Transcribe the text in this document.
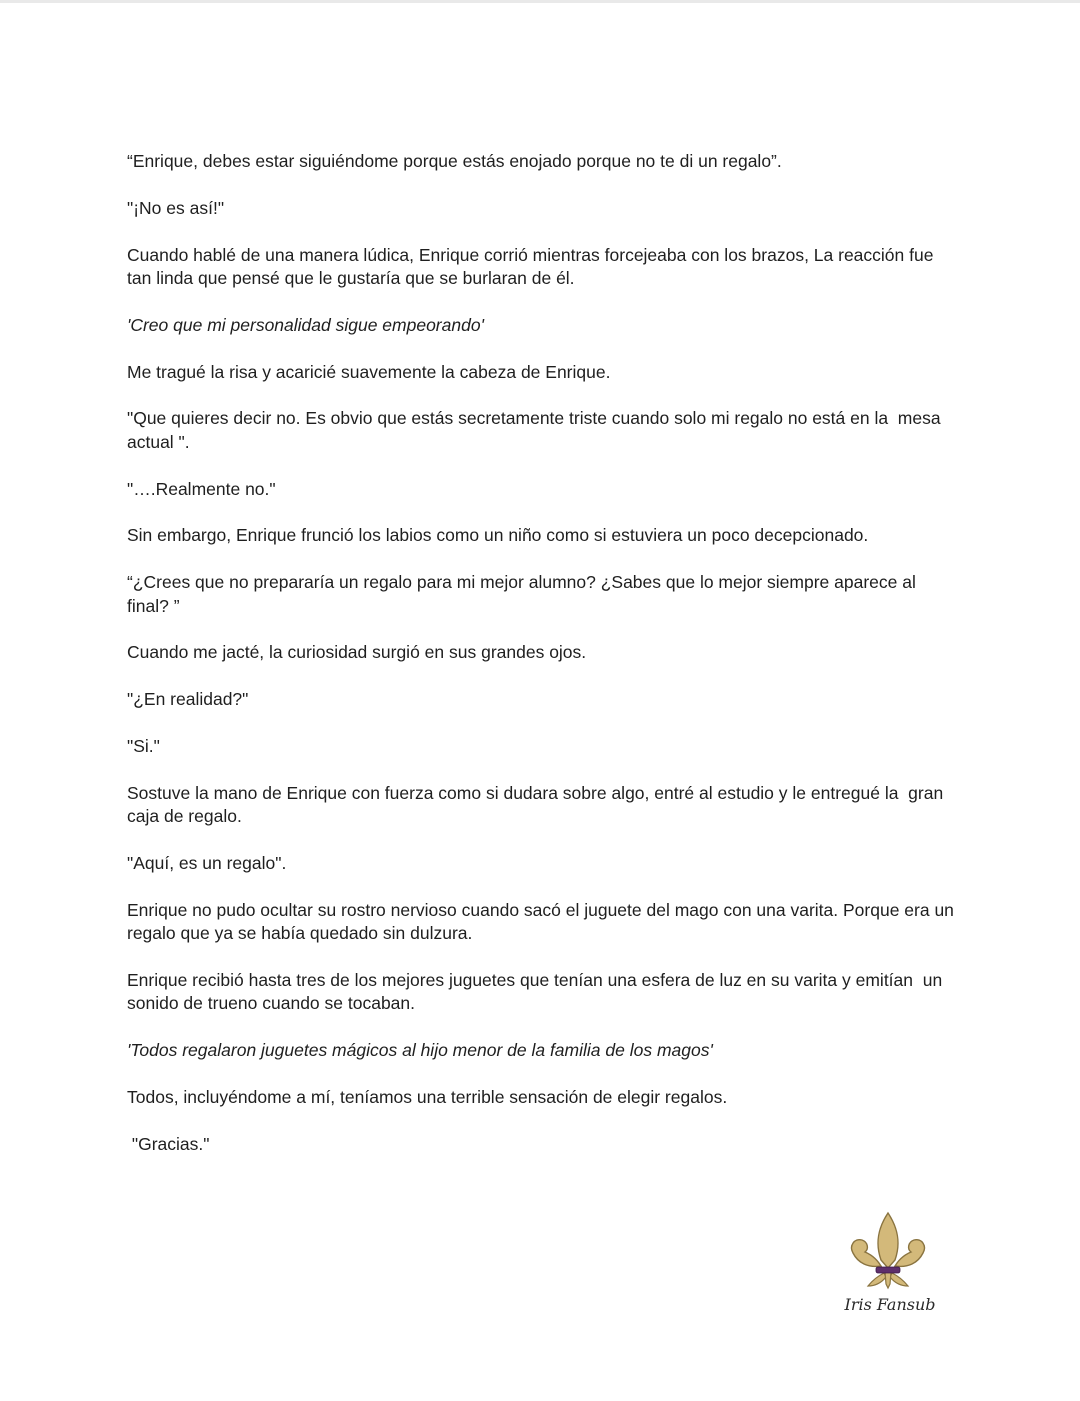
“Enrique, debes estar siguiéndome porque estás enojado porque no te di un regalo”.

"¡No es así!"

Cuando hablé de una manera lúdica, Enrique corrió mientras forcejeaba con los brazos, La reacción fue tan linda que pensé que le gustaría que se burlaran de él.

'Creo que mi personalidad sigue empeorando'

Me tragué la risa y acaricié suavemente la cabeza de Enrique.

"Que quieres decir no. Es obvio que estás secretamente triste cuando solo mi regalo no está en la  mesa actual ".

"….Realmente no."

Sin embargo, Enrique frunció los labios como un niño como si estuviera un poco decepcionado.

“¿Crees que no prepararía un regalo para mi mejor alumno? ¿Sabes que lo mejor siempre aparece al final? ”

Cuando me jacté, la curiosidad surgió en sus grandes ojos.

"¿En realidad?"

"Si."

Sostuve la mano de Enrique con fuerza como si dudara sobre algo, entré al estudio y le entregué la  gran caja de regalo.

"Aquí, es un regalo".

Enrique no pudo ocultar su rostro nervioso cuando sacó el juguete del mago con una varita. Porque era un regalo que ya se había quedado sin dulzura.

Enrique recibió hasta tres de los mejores juguetes que tenían una esfera de luz en su varita y emitían  un sonido de trueno cuando se tocaban.

'Todos regalaron juguetes mágicos al hijo menor de la familia de los magos'

Todos, incluyéndome a mí, teníamos una terrible sensación de elegir regalos.

"Gracias."

Iris Fansub
